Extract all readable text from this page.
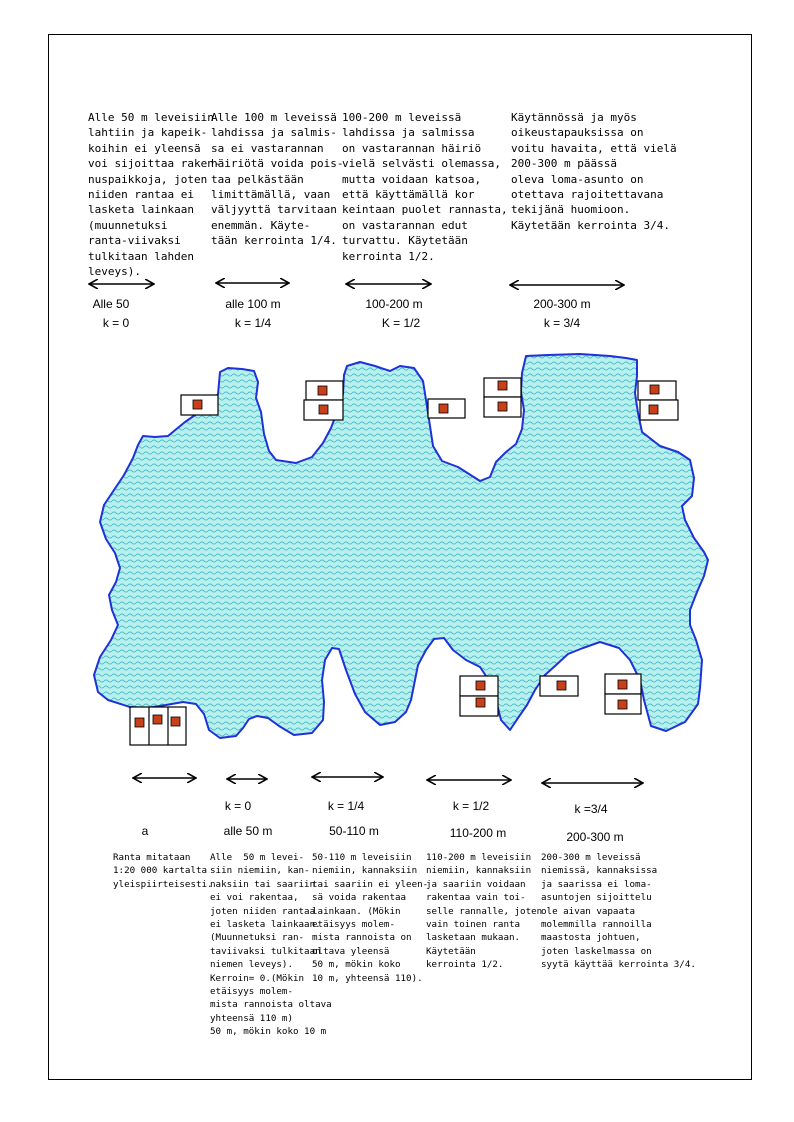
Alle 50 m leveisiin
lahtiin ja kapeik-
koihin ei yleensä
voi sijoittaa raken-
nuspaikkoja, joten
niiden rantaa ei
lasketa lainkaan
(muunnetuksi
ranta-viivaksi
tulkitaan lahden
leveys).
Alle 100 m leveissä
lahdissa ja salmis-
sa ei vastarannan
häiriötä voida pois-
taa pelkästään
limittämällä, vaan
väljyyttä tarvitaan
enemmän. Käyte-
tään kerrointa 1/4.
100-200 m leveissä
lahdissa ja salmissa
on vastarannan häiriö
vielä selvästi olemassa,
mutta voidaan katsoa,
että käyttämällä kor
keintaan puolet rannasta,
on vastarannan edut
turvattu. Käytetään
kerrointa 1/2.
Käytännössä ja myös
oikeustapauksissa on
voitu havaita, että vielä
200-300 m päässä
oleva loma-asunto on
otettava rajoitettavana
tekijänä huomioon.
Käytetään kerrointa 3/4.
Alle 50
k = 0
alle 100 m
k = 1/4
100-200 m
K = 1/2
200-300 m
k = 3/4
k = 0	k = 1/4	k = 1/2	k =3/4
a	alle 50 m	50-110 m	110-200 m	200-300 m
Ranta mitataan
1:20 000 kartalta
yleispiirteisesti.
Alle  50 m levei-
siin niemiin, kan-
naksiin tai saariin
ei voi rakentaa,
joten niiden rantaa
ei lasketa lainkaan.
(Muunnetuksi ran-
taviivaksi tulkitaan
niemen leveys).
Kerroin= 0.(Mökin
etäisyys molem-
mista rannoista oltava
yhteensä 110 m)
50 m, mökin koko 10 m
50-110 m leveisiin
niemiin, kannaksiin
tai saariin ei yleen-
sä voida rakentaa
lainkaan. (Mökin
etäisyys molem-
mista rannoista on
oltava yleensä
50 m, mökin koko
10 m, yhteensä 110).
110-200 m leveisiin
niemiin, kannaksiin
ja saariin voidaan
rakentaa vain toi-
selle rannalle, joten
vain toinen ranta
lasketaan mukaan.
Käytetään
kerrointa 1/2.
200-300 m leveissä
niemissä, kannaksissa
ja saarissa ei loma-
asuntojen sijoittelu
ole aivan vapaata
molemmilla rannoilla
maastosta johtuen,
joten laskelmassa on
syytä käyttää kerrointa 3/4.
